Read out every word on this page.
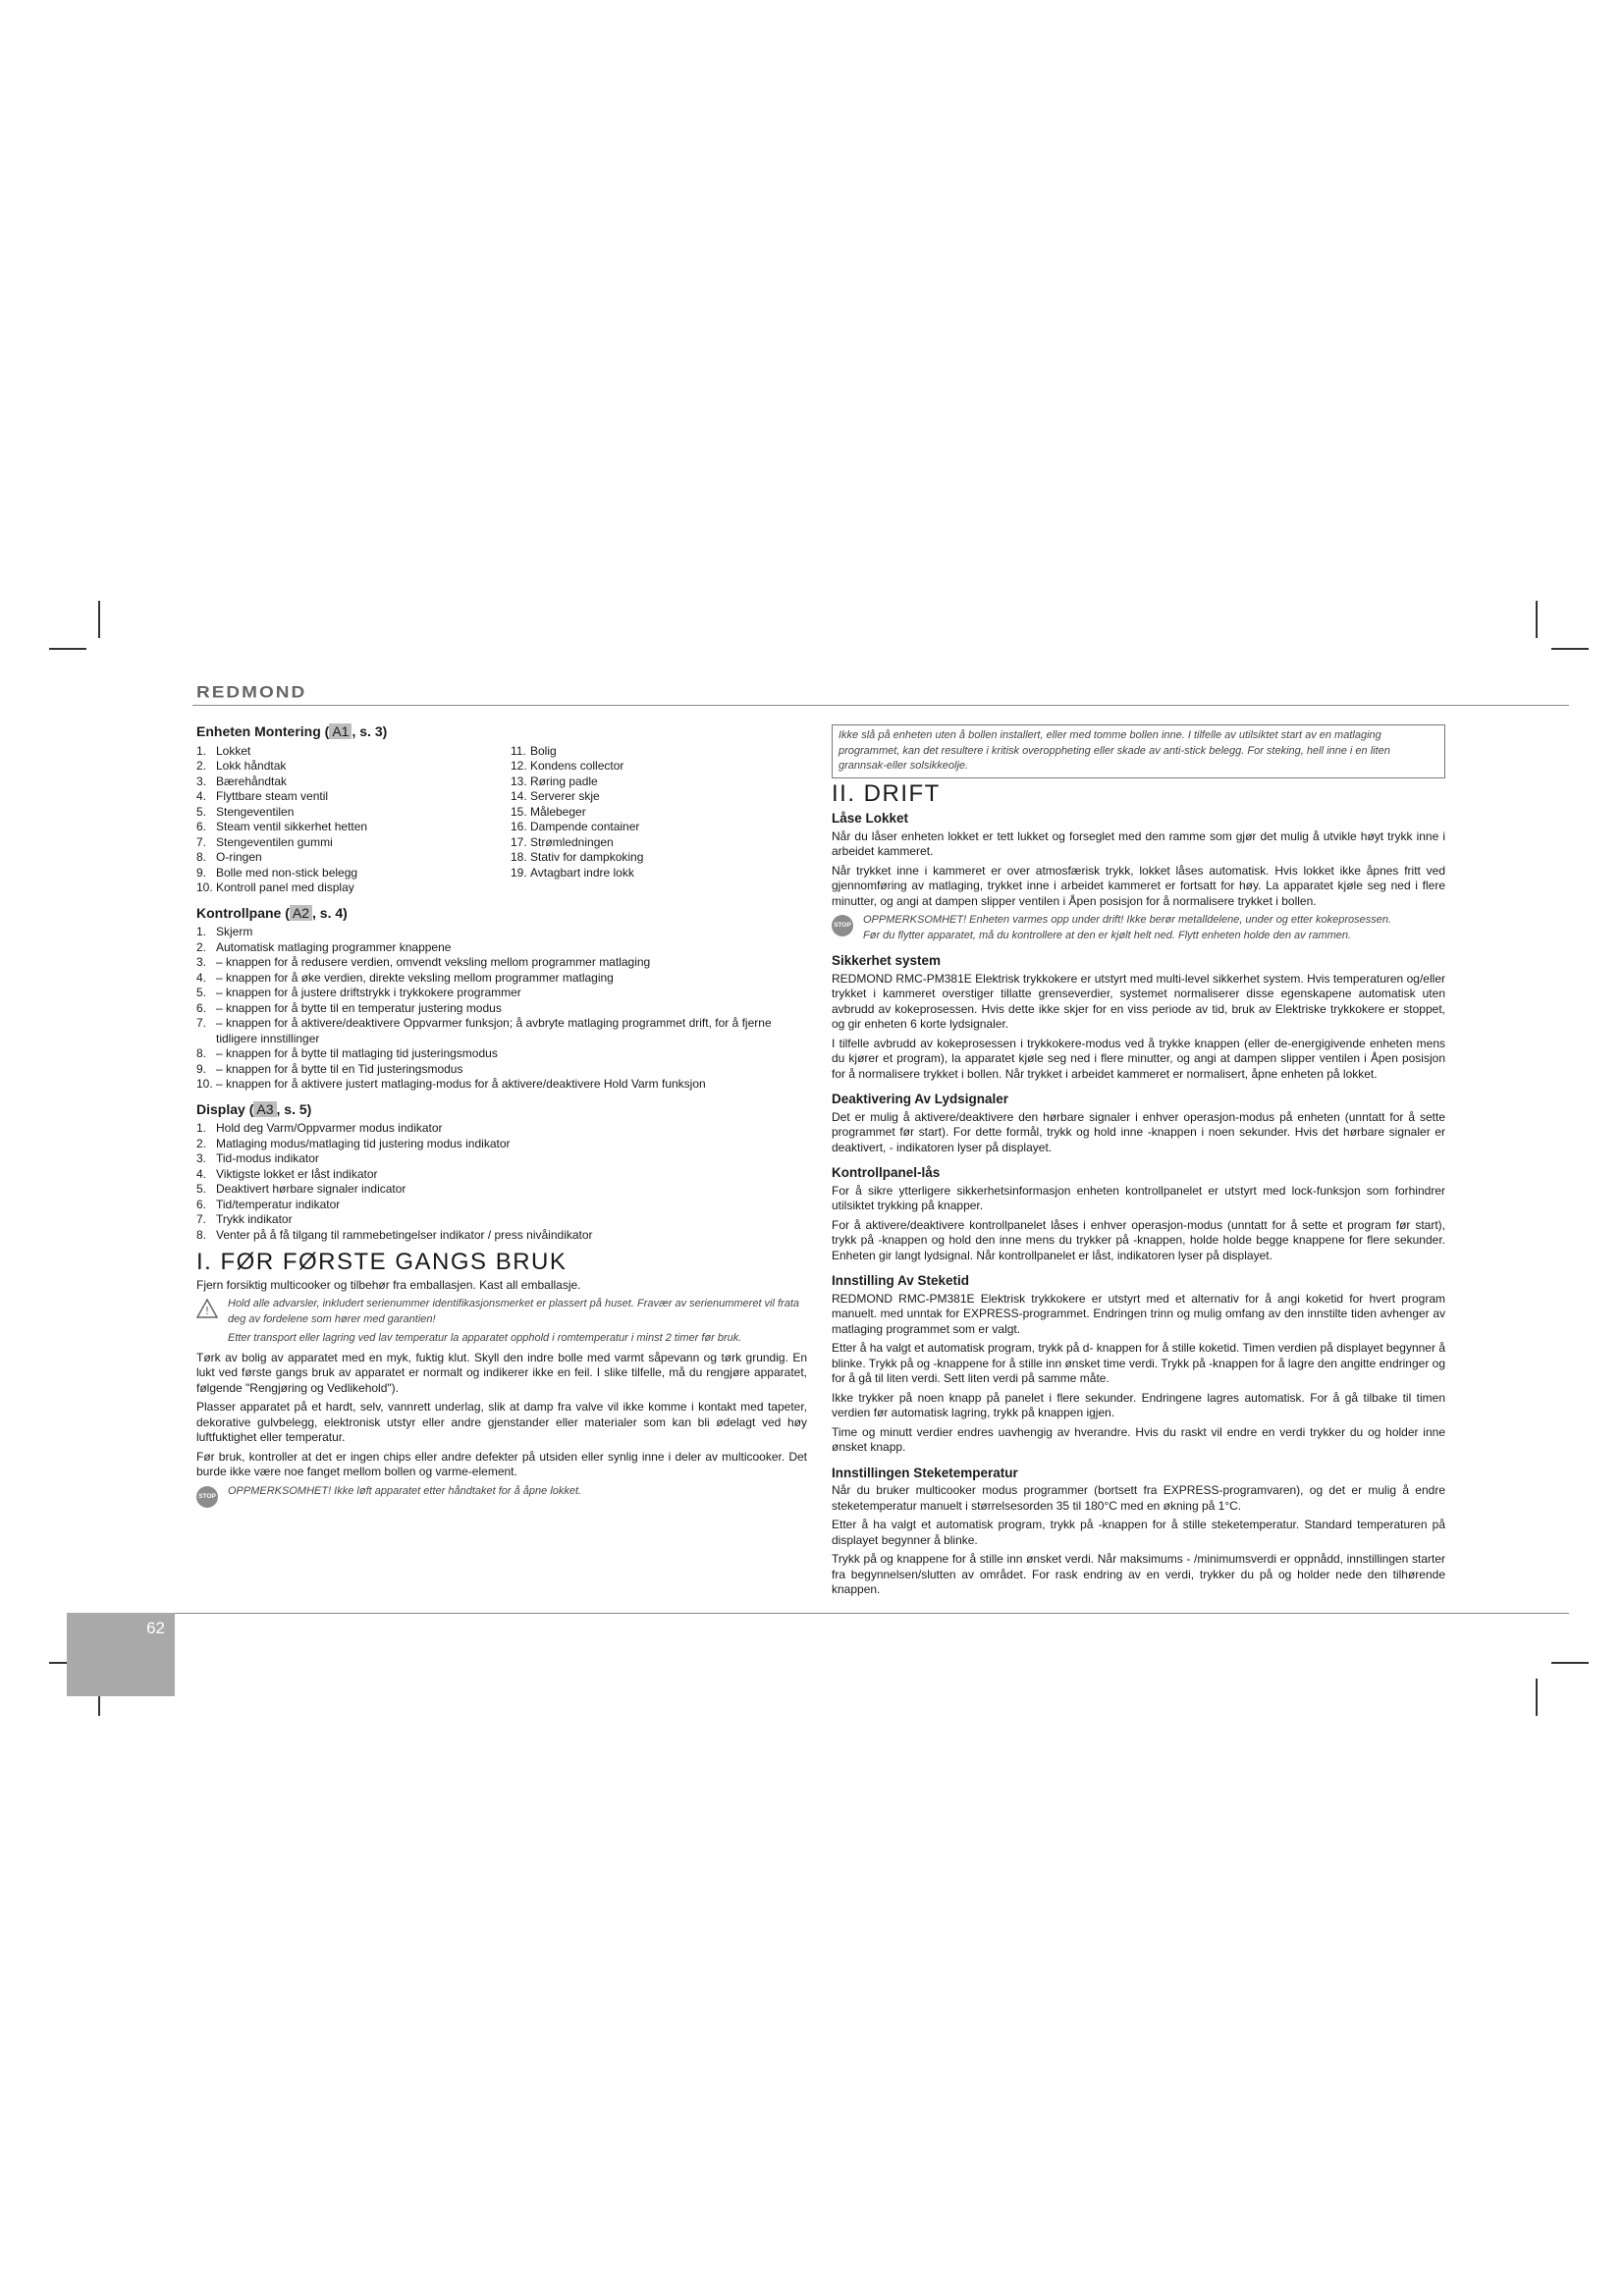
REDMOND
62
Enheten Montering ( A1 , s. 3)
1. Lokket
2. Lokk håndtak
3. Bærehåndtak
4. Flyttbare steam ventil
5. Stengeventilen
6. Steam ventil sikkerhet hetten
7. Stengeventilen gummi
8. O-ringen
9. Bolle med non-stick belegg
10. Kontroll panel med display
11. Bolig
12. Kondens collector
13. Røring padle
14. Serverer skje
15. Målebeger
16. Dampende container
17. Strømledningen
18. Stativ for dampkoking
19. Avtagbart indre lokk
Kontrollpane ( A2 , s. 4)
1. Skjerm
2. Automatisk matlaging programmer knappene
3. – knappen for å redusere verdien, omvendt veksling mellom programmer matlaging
4. – knappen for å øke verdien, direkte veksling mellom programmer matlaging
5. – knappen for å justere driftstrykk i trykkokere programmer
6. – knappen for å bytte til en temperatur justering modus
7. – knappen for å aktivere/deaktivere Oppvarmer funksjon; å avbryte matlaging programmet drift, for å fjerne tidligere innstillinger
8. – knappen for å bytte til matlaging tid justeringsmodus
9. – knappen for å bytte til en Tid justeringsmodus
10. – knappen for å aktivere justert matlaging-modus for å aktivere/deaktivere Hold Varm funksjon
Display ( A3 , s. 5)
1. Hold deg Varm/Oppvarmer modus indikator
2. Matlaging modus/matlaging tid justering modus indikator
3. Tid-modus indikator
4. Viktigste lokket er låst indikator
5. Deaktivert hørbare signaler indicator
6. Tid/temperatur indikator
7. Trykk indikator
8. Venter på å få tilgang til rammebetingelser indikator / press nivåindikator
I. FØR FØRSTE GANGS BRUK

Fjern forsiktig multicooker og tilbehør fra emballasjen. Kast all emballasje.

!
Hold alle advarsler, inkludert serienummer identifikasjonsmerket er plassert på huset. Fravær av serienummeret vil frata deg av fordelene som hører med garantien!
Etter transport eller lagring ved lav temperatur la apparatet opphold i romtemperatur i minst 2 timer før bruk.

Tørk av bolig av apparatet med en myk, fuktig klut. Skyll den indre bolle med varmt såpevann og tørk grundig. En lukt ved første gangs bruk av apparatet er normalt og indikerer ikke en feil. I slike tilfelle, må du rengjøre apparatet, følgende "Rengjøring og Vedlikehold").

Plasser apparatet på et hardt, selv, vannrett underlag, slik at damp fra valve vil ikke komme i kontakt med tapeter, dekorative gulvbelegg, elektronisk utstyr eller andre gjenstander eller materialer som kan bli ødelagt ved høy luftfuktighet eller temperatur.

Før bruk, kontroller at det er ingen chips eller andre defekter på utsiden eller synlig inne i deler av multicooker. Det burde ikke være noe fanget mellom bollen og varme-element.

STOP	OPPMERKSOMHET! Ikke løft apparatet etter håndtaket for å åpne lokket.
Ikke slå på enheten uten å bollen installert, eller med tomme bollen inne. I tilfelle av utilsiktet start av en matlaging programmet, kan det resultere i kritisk overoppheting eller skade av anti-stick belegg. For steking, hell inne i en liten grannsak-eller solsikkeolje.
II. DRIFT
Låse Lokket

Når du låser enheten lokket er tett lukket og forseglet med den ramme som gjør det mulig å utvikle høyt trykk inne i arbeidet kammeret.

Når trykket inne i kammeret er over atmosfærisk trykk, lokket låses automatisk. Hvis lokket ikke åpnes fritt ved gjennomføring av matlaging, trykket inne i arbeidet kammeret er fortsatt for høy. La apparatet kjøle seg ned i flere minutter, og angi at dampen slipper ventilen i Åpen posisjon for å normalisere trykket i bollen.

STOP	OPPMERKSOMHET! Enheten varmes opp under drift! Ikke berør metalldelene, under og etter kokeprosessen.
Før du flytter apparatet, må du kontrollere at den er kjølt helt ned. Flytt enheten holde den av rammen.
Sikkerhet system

REDMOND RMC-PM381E Elektrisk trykkokere er utstyrt med multi-level sikkerhet system. Hvis temperaturen og/eller trykket i kammeret overstiger tillatte grenseverdier, systemet normaliserer disse egenskapene automatisk uten avbrudd av kokeprosessen. Hvis dette ikke skjer for en viss periode av tid, bruk av Elektriske trykkokere er stoppet, og gir enheten 6 korte lydsignaler.

I tilfelle avbrudd av kokeprosessen i trykkokere-modus ved å trykke knappen (eller de-energigivende enheten mens du kjører et program), la apparatet kjøle seg ned i flere minutter, og angi at dampen slipper ventilen i Åpen posisjon for å normalisere trykket i bollen. Når trykket i arbeidet kammeret er normalisert, åpne enheten på lokket.

Deaktivering Av Lydsignaler

Det er mulig å aktivere/deaktivere den hørbare signaler i enhver operasjon-modus på enheten (unntatt for å sette programmet før start). For dette formål, trykk og hold inne -knappen i noen sekunder. Hvis det hørbare signaler er deaktivert, - indikatoren lyser på displayet.

Kontrollpanel-lås

For å sikre ytterligere sikkerhetsinformasjon enheten kontrollpanelet er utstyrt med lock-funksjon som forhindrer utilsiktet trykking på knapper.

For å aktivere/deaktivere kontrollpanelet låses i enhver operasjon-modus (unntatt for å sette et program før start), trykk på -knappen og hold den inne mens du trykker på -knappen, holde holde begge knappene for flere sekunder. Enheten gir langt lydsignal. Når kontrollpanelet er låst, indikatoren lyser på displayet.

Innstilling Av Steketid

REDMOND RMC-PM381E Elektrisk trykkokere er utstyrt med et alternativ for å angi koketid for hvert program manuelt. med unntak for EXPRESS-programmet. Endringen trinn og mulig omfang av den innstilte tiden avhenger av matlaging programmet som er valgt.

Etter å ha valgt et automatisk program, trykk på d- knappen for å stille koketid. Timen verdien på displayet begynner å blinke. Trykk på og -knappene for å stille inn ønsket time verdi. Trykk på -knappen for å lagre den angitte endringer og for å gå til liten verdi. Sett liten verdi på samme måte.

Ikke trykker på noen knapp på panelet i flere sekunder. Endringene lagres automatisk. For å gå tilbake til timen verdien før automatisk lagring, trykk på knappen igjen.

Time og minutt verdier endres uavhengig av hverandre. Hvis du raskt vil endre en verdi trykker du og holder inne ønsket knapp.

Innstillingen Steketemperatur

Når du bruker multicooker modus programmer (bortsett fra EXPRESS-programvaren), og det er mulig å endre steketemperatur manuelt i størrelsesorden 35 til 180°C med en økning på 1°C.

Etter å ha valgt et automatisk program, trykk på -knappen for å stille steketemperatur. Standard temperaturen på displayet begynner å blinke.

Trykk på og knappene for å stille inn ønsket verdi. Når maksimums - /minimumsverdi er oppnådd, innstillingen starter fra begynnelsen/slutten av området. For rask endring av en verdi, trykker du på og holder nede den tilhørende knappen.
